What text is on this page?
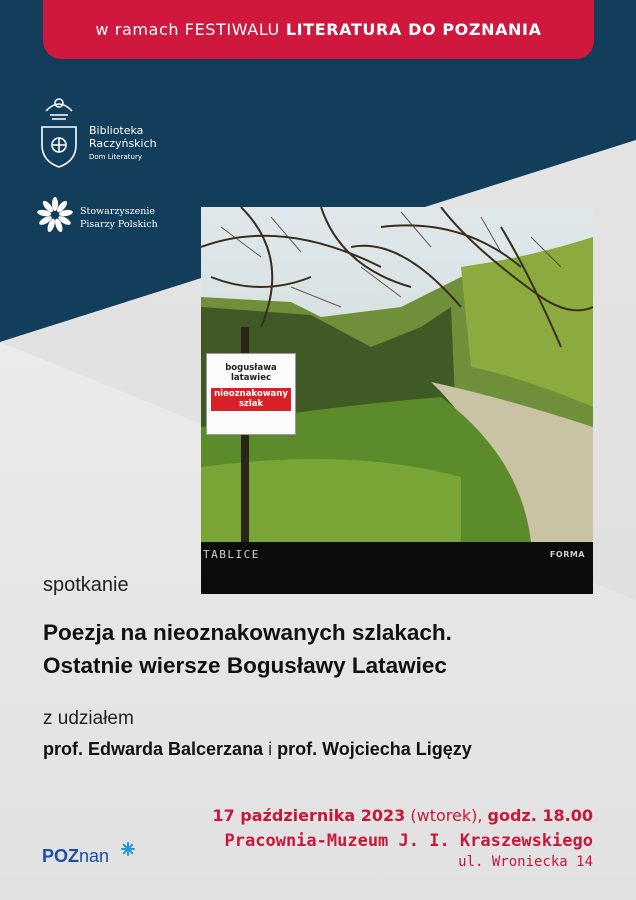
w ramach FESTIWALU LITERATURA DO POZNANIA
Biblioteka
Raczyńskich
Dom Literatury
Stowarzyszenie
Pisarzy Polskich
bogusława
latawiec
nieoznakowany
szlak
TABLICE	FORMA
spotkanie
Poezja na nieoznakowanych szlakach.
Ostatnie wiersze Bogusławy Latawiec
z udziałem
prof. Edwarda Balcerzana i prof. Wojciecha Ligęzy
17 października 2023 (wtorek), godz. 18.00
Pracownia-Muzeum J. I. Kraszewskiego
ul. Wroniecka 14
POZnan
